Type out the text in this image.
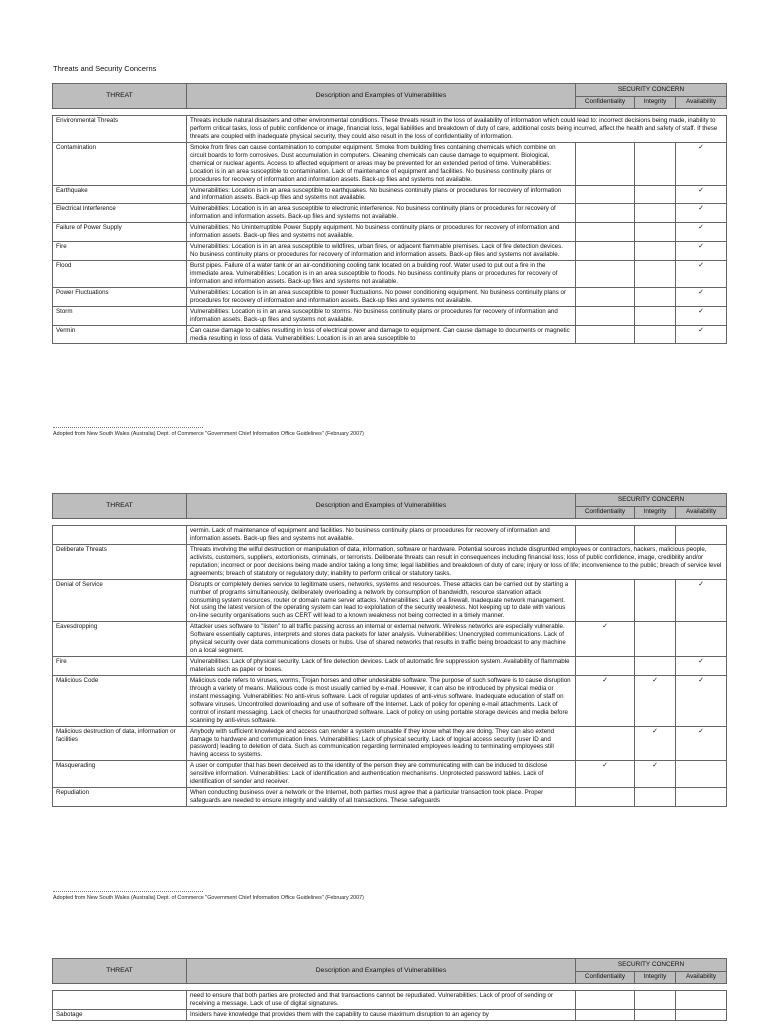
Threats and Security Concerns
THREAT	Description and Examples of Vulnerabilities	SECURITY CONCERN		
		Confidentiality	Integrity	Availability

Environmental Threats	Threats include natural disasters and other environmental conditions. These threats result in the loss of availability of information which could lead to: incorrect decisions being made, inability to perform critical tasks, loss of public confidence or image, financial loss, legal liabilities and breakdown of duty of care, additional costs being incurred, affect the health and safety of staff. If these threats are coupled with inadequate physical security, they could also result in the loss of confidentiality of information.			
Contamination	Smoke from fires can cause contamination to computer equipment. Smoke from building fires containing chemicals which combine on circuit boards to form corrosives. Dust accumulation in computers. Cleaning chemicals can cause damage to equipment. Biological, chemical or nuclear agents. Access to affected equipment or areas may be prevented for an extended period of time. Vulnerabilities: Location is in an area susceptible to contamination. Lack of maintenance of equipment and facilities. No business continuity plans or procedures for recovery of information and information assets. Back-up files and systems not available.			✓
Earthquake	Vulnerabilities: Location is in an area susceptible to earthquakes. No business continuity plans or procedures for recovery of information and information assets. Back-up files and systems not available.			✓
Electrical Interference	Vulnerabilities: Location is in an area susceptible to electronic interference. No business continuity plans or procedures for recovery of information and information assets. Back-up files and systems not available.			✓
Failure of Power Supply	Vulnerabilities: No Uninterruptible Power Supply equipment. No business continuity plans or procedures for recovery of information and information assets. Back-up files and systems not available.			✓
Fire	Vulnerabilities: Location is in an area susceptible to wildfires, urban fires, or adjacent flammable premises. Lack of fire detection devices. No business continuity plans or procedures for recovery of information and information assets. Back-up files and systems not available.			✓
Flood	Burst pipes. Failure of a water tank or an air-conditioning cooling tank located on a building roof. Water used to put out a fire in the immediate area. Vulnerabilities: Location is in an area susceptible to floods. No business continuity plans or procedures for recovery of information and information assets. Back-up files and systems not available.			✓
Power Fluctuations	Vulnerabilities: Location is in an area susceptible to power fluctuations. No power conditioning equipment. No business continuity plans or procedures for recovery of information and information assets. Back-up files and systems not available.			✓
Storm	Vulnerabilities: Location is in an area susceptible to storms. No business continuity plans or procedures for recovery of information and information assets. Back-up files and systems not available.			✓
Vermin	Can cause damage to cables resulting in loss of electrical power and damage to equipment. Can cause damage to documents or magnetic media resulting in loss of data. Vulnerabilities: Location is in an area susceptible to			✓
Adopted from New South Wales (Australia) Dept. of Commerce "Government Chief Information Office Guidelines" (February 2007)
THREAT	Description and Examples of Vulnerabilities	SECURITY CONCERN		
		Confidentiality	Integrity	Availability

	vermin. Lack of maintenance of equipment and facilities. No business continuity plans or procedures for recovery of information and information assets. Back-up files and systems not available.			
Deliberate Threats	Threats involving the wilful destruction or manipulation of data, information, software or hardware. Potential sources include disgruntled employees or contractors, hackers, malicious people, activists, customers, suppliers, extortionists, criminals, or terrorists. Deliberate threats can result in consequences including financial loss; loss of public confidence, image, credibility and/or reputation; incorrect or poor decisions being made and/or taking a long time; legal liabilities and breakdown of duty of care; injury or loss of life; inconvenience to the public; breach of service level agreements; breach of statutory or regulatory duty; inability to perform critical or statutory tasks.			
Denial of Service	Disrupts or completely denies service to legitimate users, networks, systems and resources. These attacks can be carried out by starting a number of programs simultaneously, deliberately overloading a network by consumption of bandwidth, resource starvation attack consuming system resources, router or domain name server attacks. Vulnerabilities: Lack of a firewall. Inadequate network management. Not using the latest version of the operating system can lead to exploitation of the security weakness. Not keeping up to date with various on-line security organisations such as CERT will lead to a known weakness not being corrected in a timely manner.			✓
Eavesdropping	Attacker uses software to "listen" to all traffic passing across an internal or external network. Wireless networks are especially vulnerable. Software essentially captures, interprets and stores data packets for later analysis. Vulnerabilities: Unencrypted communications. Lack of physical security over data communications closets or hubs. Use of shared networks that results in traffic being broadcast to any machine on a local segment.	✓		
Fire	Vulnerabilities: Lack of physical security. Lack of fire detection devices. Lack of automatic fire suppression system. Availability of flammable materials such as paper or boxes.			✓
Malicious Code	Malicious code refers to viruses, worms, Trojan horses and other undesirable software. The purpose of such software is to cause disruption through a variety of means. Malicious code is most usually carried by e-mail. However, it can also be introduced by physical media or instant messaging. Vulnerabilities: No anti-virus software. Lack of regular updates of anti-virus software. Inadequate education of staff on software viruses. Uncontrolled downloading and use of software off the Internet. Lack of policy for opening e-mail attachments. Lack of control of instant messaging. Lack of checks for unauthorized software. Lack of policy on using portable storage devices and media before scanning by anti-virus software.	✓	✓	✓
Malicious destruction of data, information or facilities	Anybody with sufficient knowledge and access can render a system unusable if they know what they are doing. They can also extend damage to hardware and communication lines. Vulnerabilities: Lack of physical security. Lack of logical access security (user ID and password) leading to deletion of data. Such as communication regarding terminated employees leading to terminating employees still having access to systems.		✓	✓
Masquerading	A user or computer that has been deceived as to the identity of the person they are communicating with can be induced to disclose sensitive information. Vulnerabilities: Lack of identification and authentication mechanisms. Unprotected password tables. Lack of identification of sender and receiver.	✓	✓	
Repudiation	When conducting business over a network or the Internet, both parties must agree that a particular transaction took place. Proper safeguards are needed to ensure integrity and validity of all transactions. These safeguards			
Adopted from New South Wales (Australia) Dept. of Commerce "Government Chief Information Office Guidelines" (February 2007)
THREAT	Description and Examples of Vulnerabilities	SECURITY CONCERN		
		Confidentiality	Integrity	Availability

	need to ensure that both parties are protected and that transactions cannot be repudiated. Vulnerabilities: Lack of proof of sending or receiving a message. Lack of use of digital signatures.			
Sabotage	Insiders have knowledge that provides them with the capability to cause maximum disruption to an agency by			
